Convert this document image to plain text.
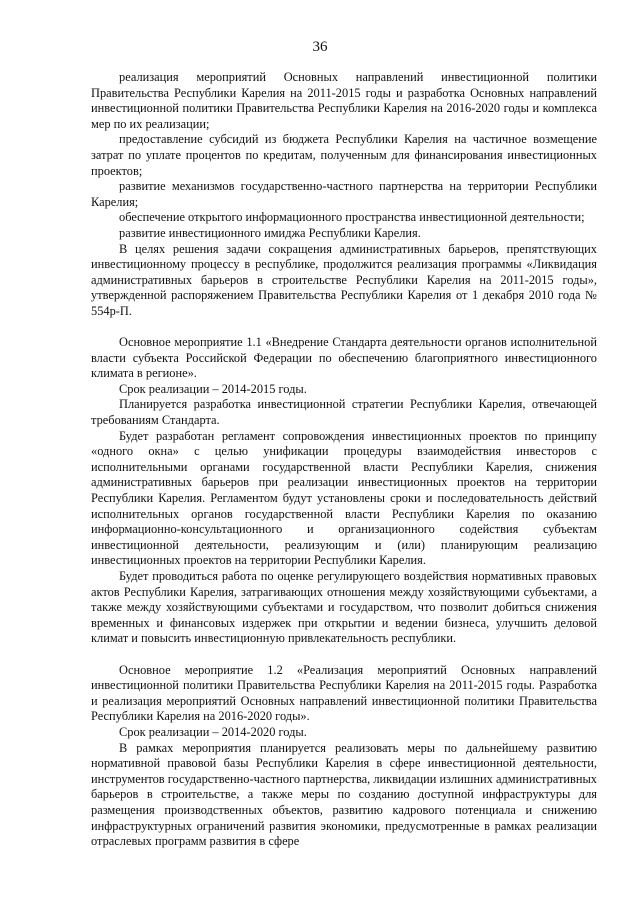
36

реализация мероприятий Основных направлений инвестиционной политики Правительства Республики Карелия на 2011-2015 годы и разработка Основных направлений инвестиционной политики Правительства Республики Карелия на 2016-2020 годы и комплекса мер по их реализации;

предоставление субсидий из бюджета Республики Карелия на частичное возмещение затрат по уплате процентов по кредитам, полученным для финансирования инвестиционных проектов;

развитие механизмов государственно-частного партнерства на территории Республики Карелия;

обеспечение открытого информационного пространства инвестиционной деятельности;

развитие инвестиционного имиджа Республики Карелия.

В целях решения задачи сокращения административных барьеров, препятствующих инвестиционному процессу в республике, продолжится реализация программы «Ликвидация административных барьеров в строительстве Республики Карелия на 2011-2015 годы», утвержденной распоряжением Правительства Республики Карелия от 1 декабря 2010 года № 554р-П.

Основное мероприятие 1.1 «Внедрение Стандарта деятельности органов исполнительной власти субъекта Российской Федерации по обеспечению благоприятного инвестиционного климата в регионе».

Срок реализации – 2014-2015 годы.

Планируется разработка инвестиционной стратегии Республики Карелия, отвечающей требованиям Стандарта.

Будет разработан регламент сопровождения инвестиционных проектов по принципу «одного окна» с целью унификации процедуры взаимодействия инвесторов с исполнительными органами государственной власти Республики Карелия, снижения административных барьеров при реализации инвестиционных проектов на территории Республики Карелия. Регламентом будут установлены сроки и последовательность действий исполнительных органов государственной власти Республики Карелия по оказанию информационно-консультационного и организационного содействия субъектам инвестиционной деятельности, реализующим и (или) планирующим реализацию инвестиционных проектов на территории Республики Карелия.

Будет проводиться работа по оценке регулирующего воздействия нормативных правовых актов Республики Карелия, затрагивающих отношения между хозяйствующими субъектами, а также между хозяйствующими субъектами и государством, что позволит добиться снижения временных и финансовых издержек при открытии и ведении бизнеса, улучшить деловой климат и повысить инвестиционную привлекательность республики.

Основное мероприятие 1.2 «Реализация мероприятий Основных направлений инвестиционной политики Правительства Республики Карелия на 2011-2015 годы. Разработка и реализация мероприятий Основных направлений инвестиционной политики Правительства Республики Карелия на 2016-2020 годы».

Срок реализации – 2014-2020 годы.

В рамках мероприятия планируется реализовать меры по дальнейшему развитию нормативной правовой базы Республики Карелия в сфере инвестиционной деятельности, инструментов государственно-частного партнерства, ликвидации излишних административных барьеров в строительстве, а также меры по созданию доступной инфраструктуры для размещения производственных объектов, развитию кадрового потенциала и снижению инфраструктурных ограничений развития экономики, предусмотренные в рамках реализации отраслевых программ развития в сфере
